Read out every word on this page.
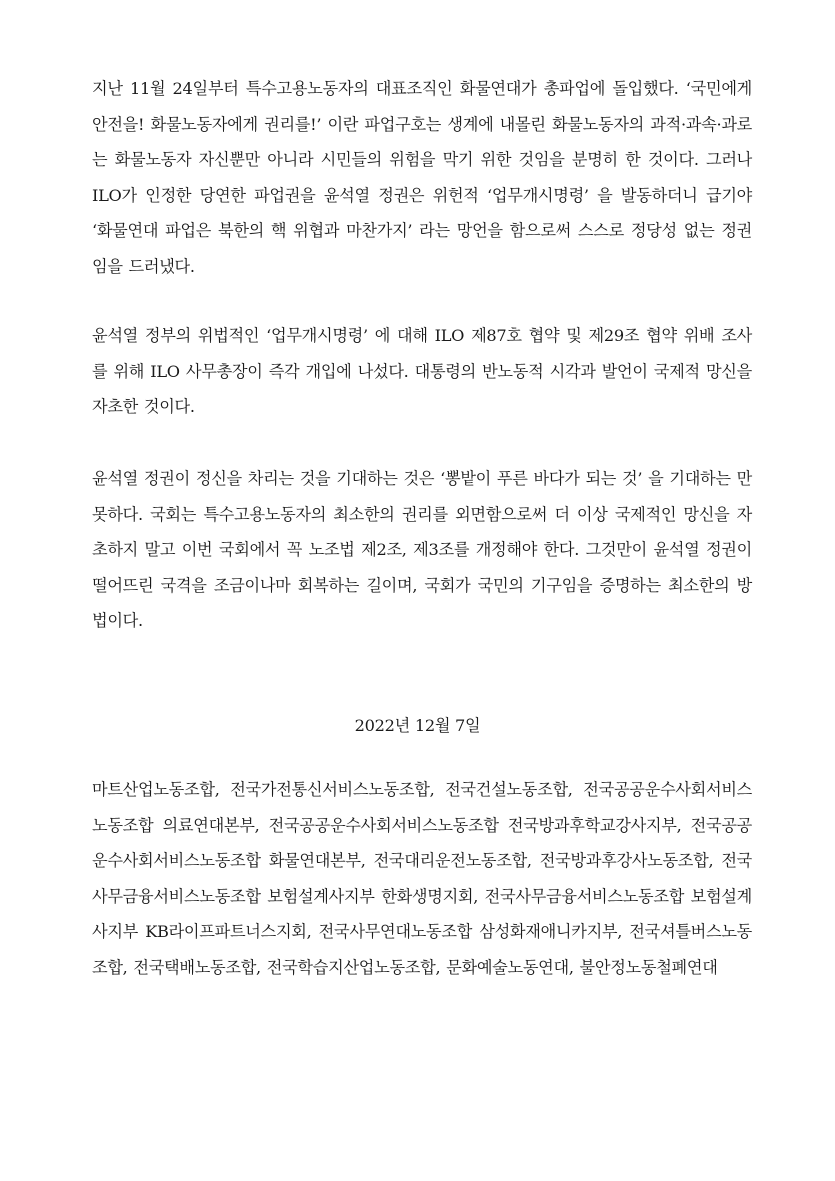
지난 11월 24일부터 특수고용노동자의 대표조직인 화물연대가 총파업에 돌입했다. ‘국민에게 안전을! 화물노동자에게 권리를!’ 이란 파업구호는 생계에 내몰린 화물노동자의 과적·과속·과로는 화물노동자 자신뿐만 아니라 시민들의 위험을 막기 위한 것임을 분명히 한 것이다. 그러나 ILO가 인정한 당연한 파업권을 윤석열 정권은 위헌적 ‘업무개시명령’ 을 발동하더니 급기야 ‘화물연대 파업은 북한의 핵 위협과 마찬가지’ 라는 망언을 함으로써 스스로 정당성 없는 정권임을 드러냈다.

윤석열 정부의 위법적인 ‘업무개시명령’ 에 대해 ILO 제87호 협약 및 제29조 협약 위배 조사를 위해 ILO 사무총장이 즉각 개입에 나섰다. 대통령의 반노동적 시각과 발언이 국제적 망신을 자초한 것이다.

윤석열 정권이 정신을 차리는 것을 기대하는 것은 ‘뽕밭이 푸른 바다가 되는 것’ 을 기대하는 만 못하다. 국회는 특수고용노동자의 최소한의 권리를 외면함으로써 더 이상 국제적인 망신을 자초하지 말고 이번 국회에서 꼭 노조법 제2조, 제3조를 개정해야 한다. 그것만이 윤석열 정권이 떨어뜨린 국격을 조금이나마 회복하는 길이며, 국회가 국민의 기구임을 증명하는 최소한의 방법이다.

2022년 12월 7일

마트산업노동조합, 전국가전통신서비스노동조합, 전국건설노동조합, 전국공공운수사회서비스노동조합 의료연대본부, 전국공공운수사회서비스노동조합 전국방과후학교강사지부, 전국공공운수사회서비스노동조합 화물연대본부, 전국대리운전노동조합, 전국방과후강사노동조합, 전국사무금융서비스노동조합 보험설계사지부 한화생명지회, 전국사무금융서비스노동조합 보험설계사지부 KB라이프파트너스지회, 전국사무연대노동조합 삼성화재애니카지부, 전국셔틀버스노동조합, 전국택배노동조합, 전국학습지산업노동조합, 문화예술노동연대, 불안정노동철폐연대
